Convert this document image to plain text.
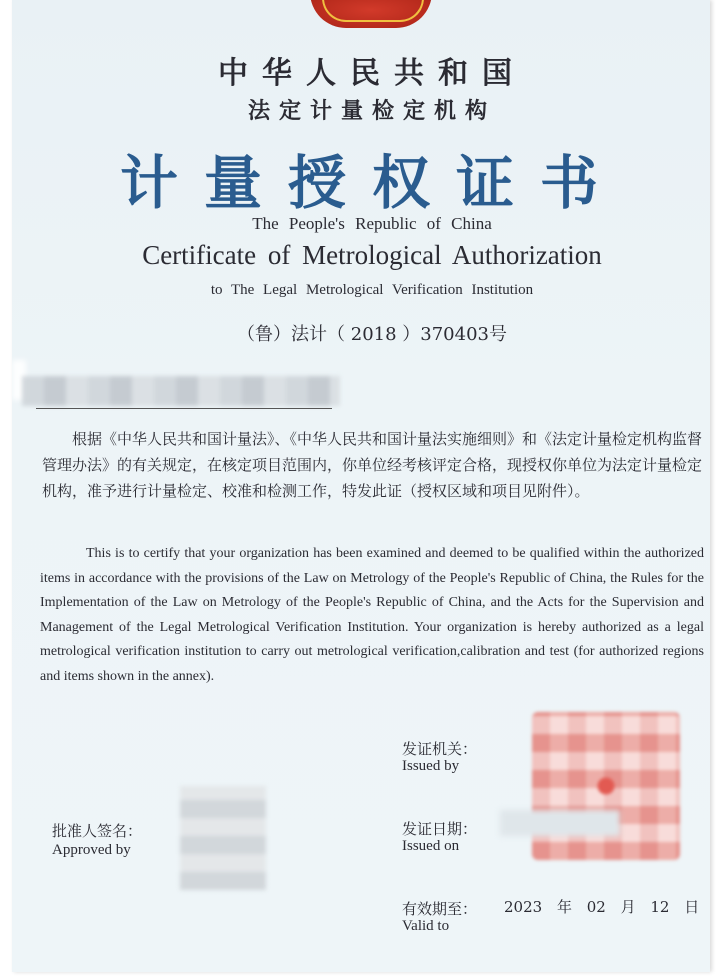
中华人民共和国
法定计量检定机构
计量授权证书
The People's Republic of China
Certificate of Metrological Authorization
to The Legal Metrological Verification Institution
（鲁）法计（ 2018 ）370403号
根据《中华人民共和国计量法》、《中华人民共和国计量法实施细则》和《法定计量检定机构监督管理办法》的有关规定，在核定项目范围内，你单位经考核评定合格，现授权你单位为法定计量检定机构，准予进行计量检定、校准和检测工作，特发此证（授权区域和项目见附件）。
This is to certify that your organization has been examined and deemed to be qualified within the authorized items in accordance with the provisions of the Law on Metrology of the People's Republic of China, the Rules for the Implementation of the Law on Metrology of the People's Republic of China, and the Acts for the Supervision and Management of the Legal Metrological Verification Institution. Your organization is hereby authorized as a legal metrological verification institution to carry out metrological verification,calibration and test (for authorized regions and items shown in the annex).
发证机关：
Issued by
批准人签名：
Approved by
发证日期：
Issued on
有效期至：
Valid to
2023 年 02 月 12 日
